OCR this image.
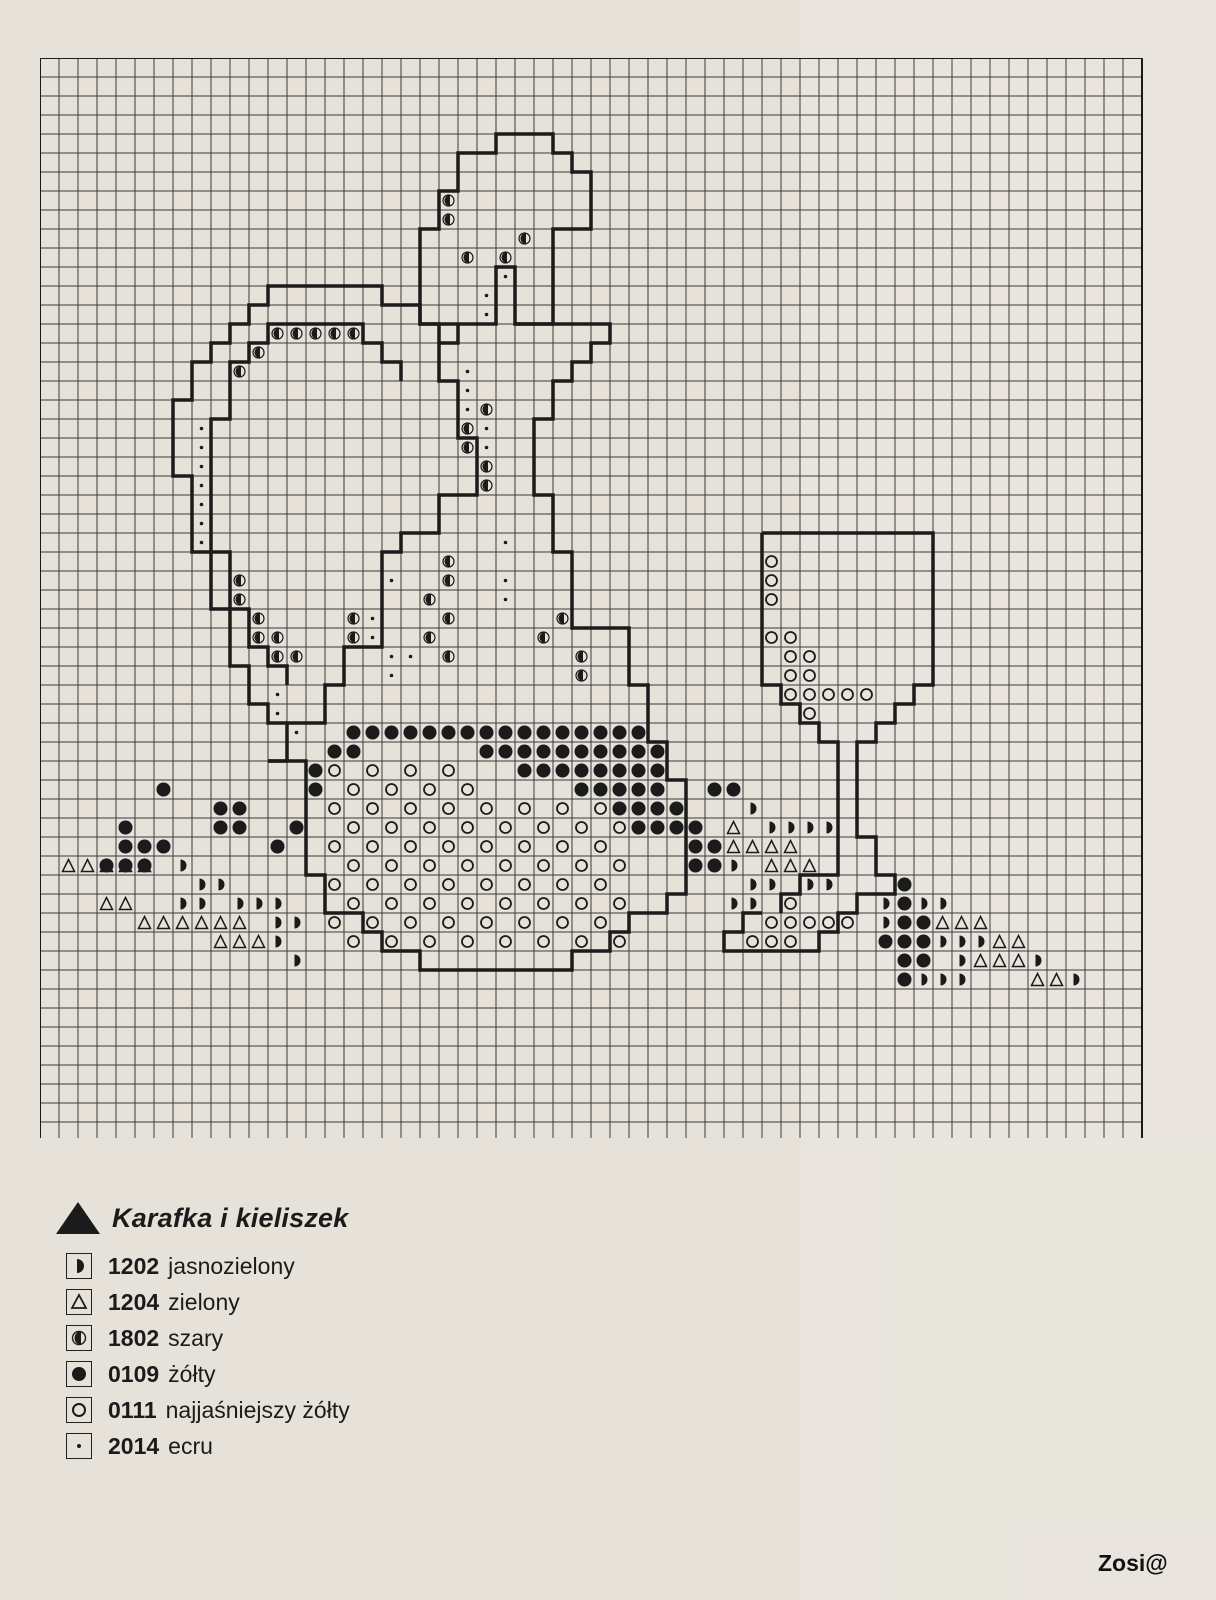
Karafka i kieliszek
1202 jasnozielony
1204 zielony
1802 szary
0109 żółty
0111 najjaśniejszy żółty
2014 ecru
Zosi@
